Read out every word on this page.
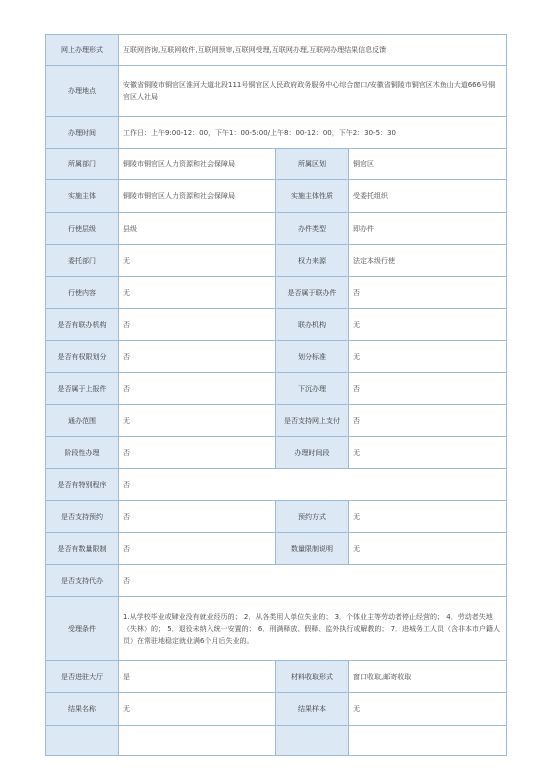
网上办理形式	互联网咨询,互联网收件,互联网预审,互联网受理,互联网办理,互联网办理结果信息反馈		
办理地点	安徽省铜陵市铜官区淮河大道北段111号铜官区人民政府政务服务中心综合窗口/安徽省铜陵市铜官区木鱼山大道666号铜官区人社局		
办理时间	工作日：上午9:00-12：00，下午1：00-5:00/上午8：00-12：00，下午2：30-5：30		
所属部门	铜陵市铜官区人力资源和社会保障局	所属区划	铜官区
实施主体	铜陵市铜官区人力资源和社会保障局	实施主体性质	受委托组织
行使层级	县级	办件类型	即办件
委托部门	无	权力来源	法定本级行使
行使内容	无	是否属于联办件	否
是否有联办机构	否	联办机构	无
是否有权限划分	否	划分标准	无
是否属于上报件	否	下沉办理	否
通办范围	无	是否支持网上支付	否
阶段性办理	否	办理时间段	无
是否有特别程序	否		
是否支持预约	否	预约方式	无
是否有数量限制	否	数量限制说明	无
是否支持代办	否		
受理条件	1.从学校毕业或肄业没有就业经历的； 2．从各类用人单位失业的； 3．个体业主等劳动者停止经营的； 4．劳动者失地（失林）的； 5．退役未纳入统一安置的； 6．刑满释放、假释、监外执行或解教的； 7．进城务工人员（含非本市户籍人员）在常驻地稳定就业满6个月后失业的。		
是否进驻大厅	是	材料收取形式	窗口收取,邮寄收取
结果名称	无	结果样本	无
